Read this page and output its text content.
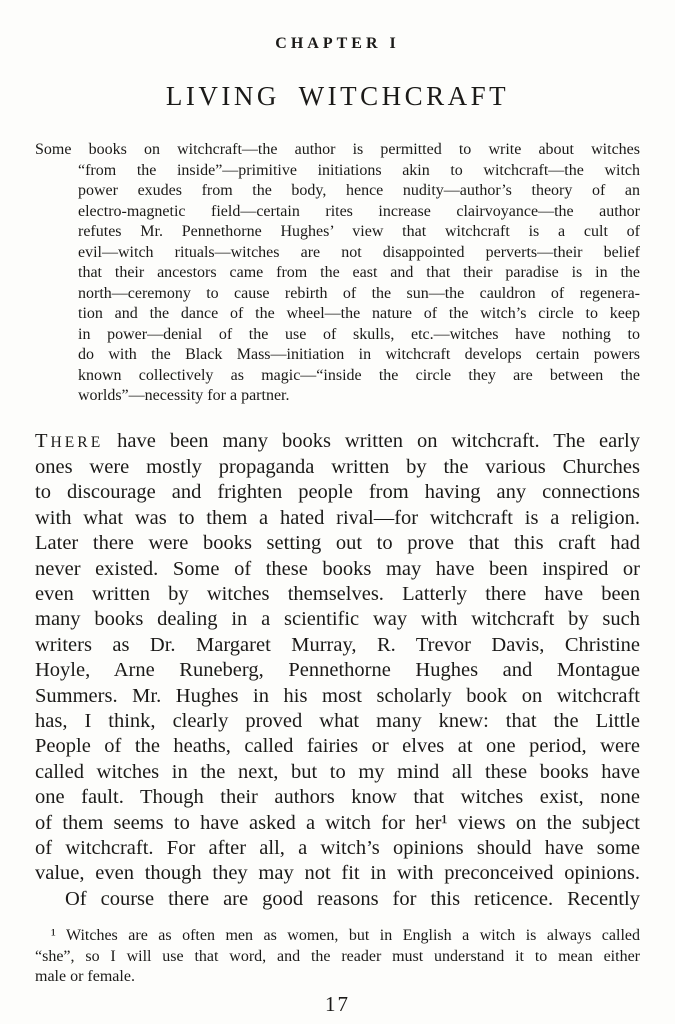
CHAPTER I
LIVING WITCHCRAFT
Some books on witchcraft—the author is permitted to write about witches
“from the inside”—primitive initiations akin to witchcraft—the witch
power exudes from the body, hence nudity—author’s theory of an
electro-magnetic field—certain rites increase clairvoyance—the author
refutes Mr. Pennethorne Hughes’ view that witchcraft is a cult of
evil—witch rituals—witches are not disappointed perverts—their belief
that their ancestors came from the east and that their paradise is in the
north—ceremony to cause rebirth of the sun—the cauldron of regenera-
tion and the dance of the wheel—the nature of the witch’s circle to keep
in power—denial of the use of skulls, etc.—witches have nothing to
do with the Black Mass—initiation in witchcraft develops certain powers
known collectively as magic—“inside the circle they are between the
worlds”—necessity for a partner.
THERE have been many books written on witchcraft. The early
ones were mostly propaganda written by the various Churches
to discourage and frighten people from having any connections
with what was to them a hated rival—for witchcraft is a religion.
Later there were books setting out to prove that this craft had
never existed. Some of these books may have been inspired or
even written by witches themselves. Latterly there have been
many books dealing in a scientific way with witchcraft by such
writers as Dr. Margaret Murray, R. Trevor Davis, Christine
Hoyle, Arne Runeberg, Pennethorne Hughes and Montague
Summers. Mr. Hughes in his most scholarly book on witchcraft
has, I think, clearly proved what many knew: that the Little
People of the heaths, called fairies or elves at one period, were
called witches in the next, but to my mind all these books have
one fault. Though their authors know that witches exist, none
of them seems to have asked a witch for her¹ views on the subject
of witchcraft. For after all, a witch’s opinions should have some
value, even though they may not fit in with preconceived opinions.
Of course there are good reasons for this reticence. Recently
¹ Witches are as often men as women, but in English a witch is always called
“she”, so I will use that word, and the reader must understand it to mean either
male or female.
17
